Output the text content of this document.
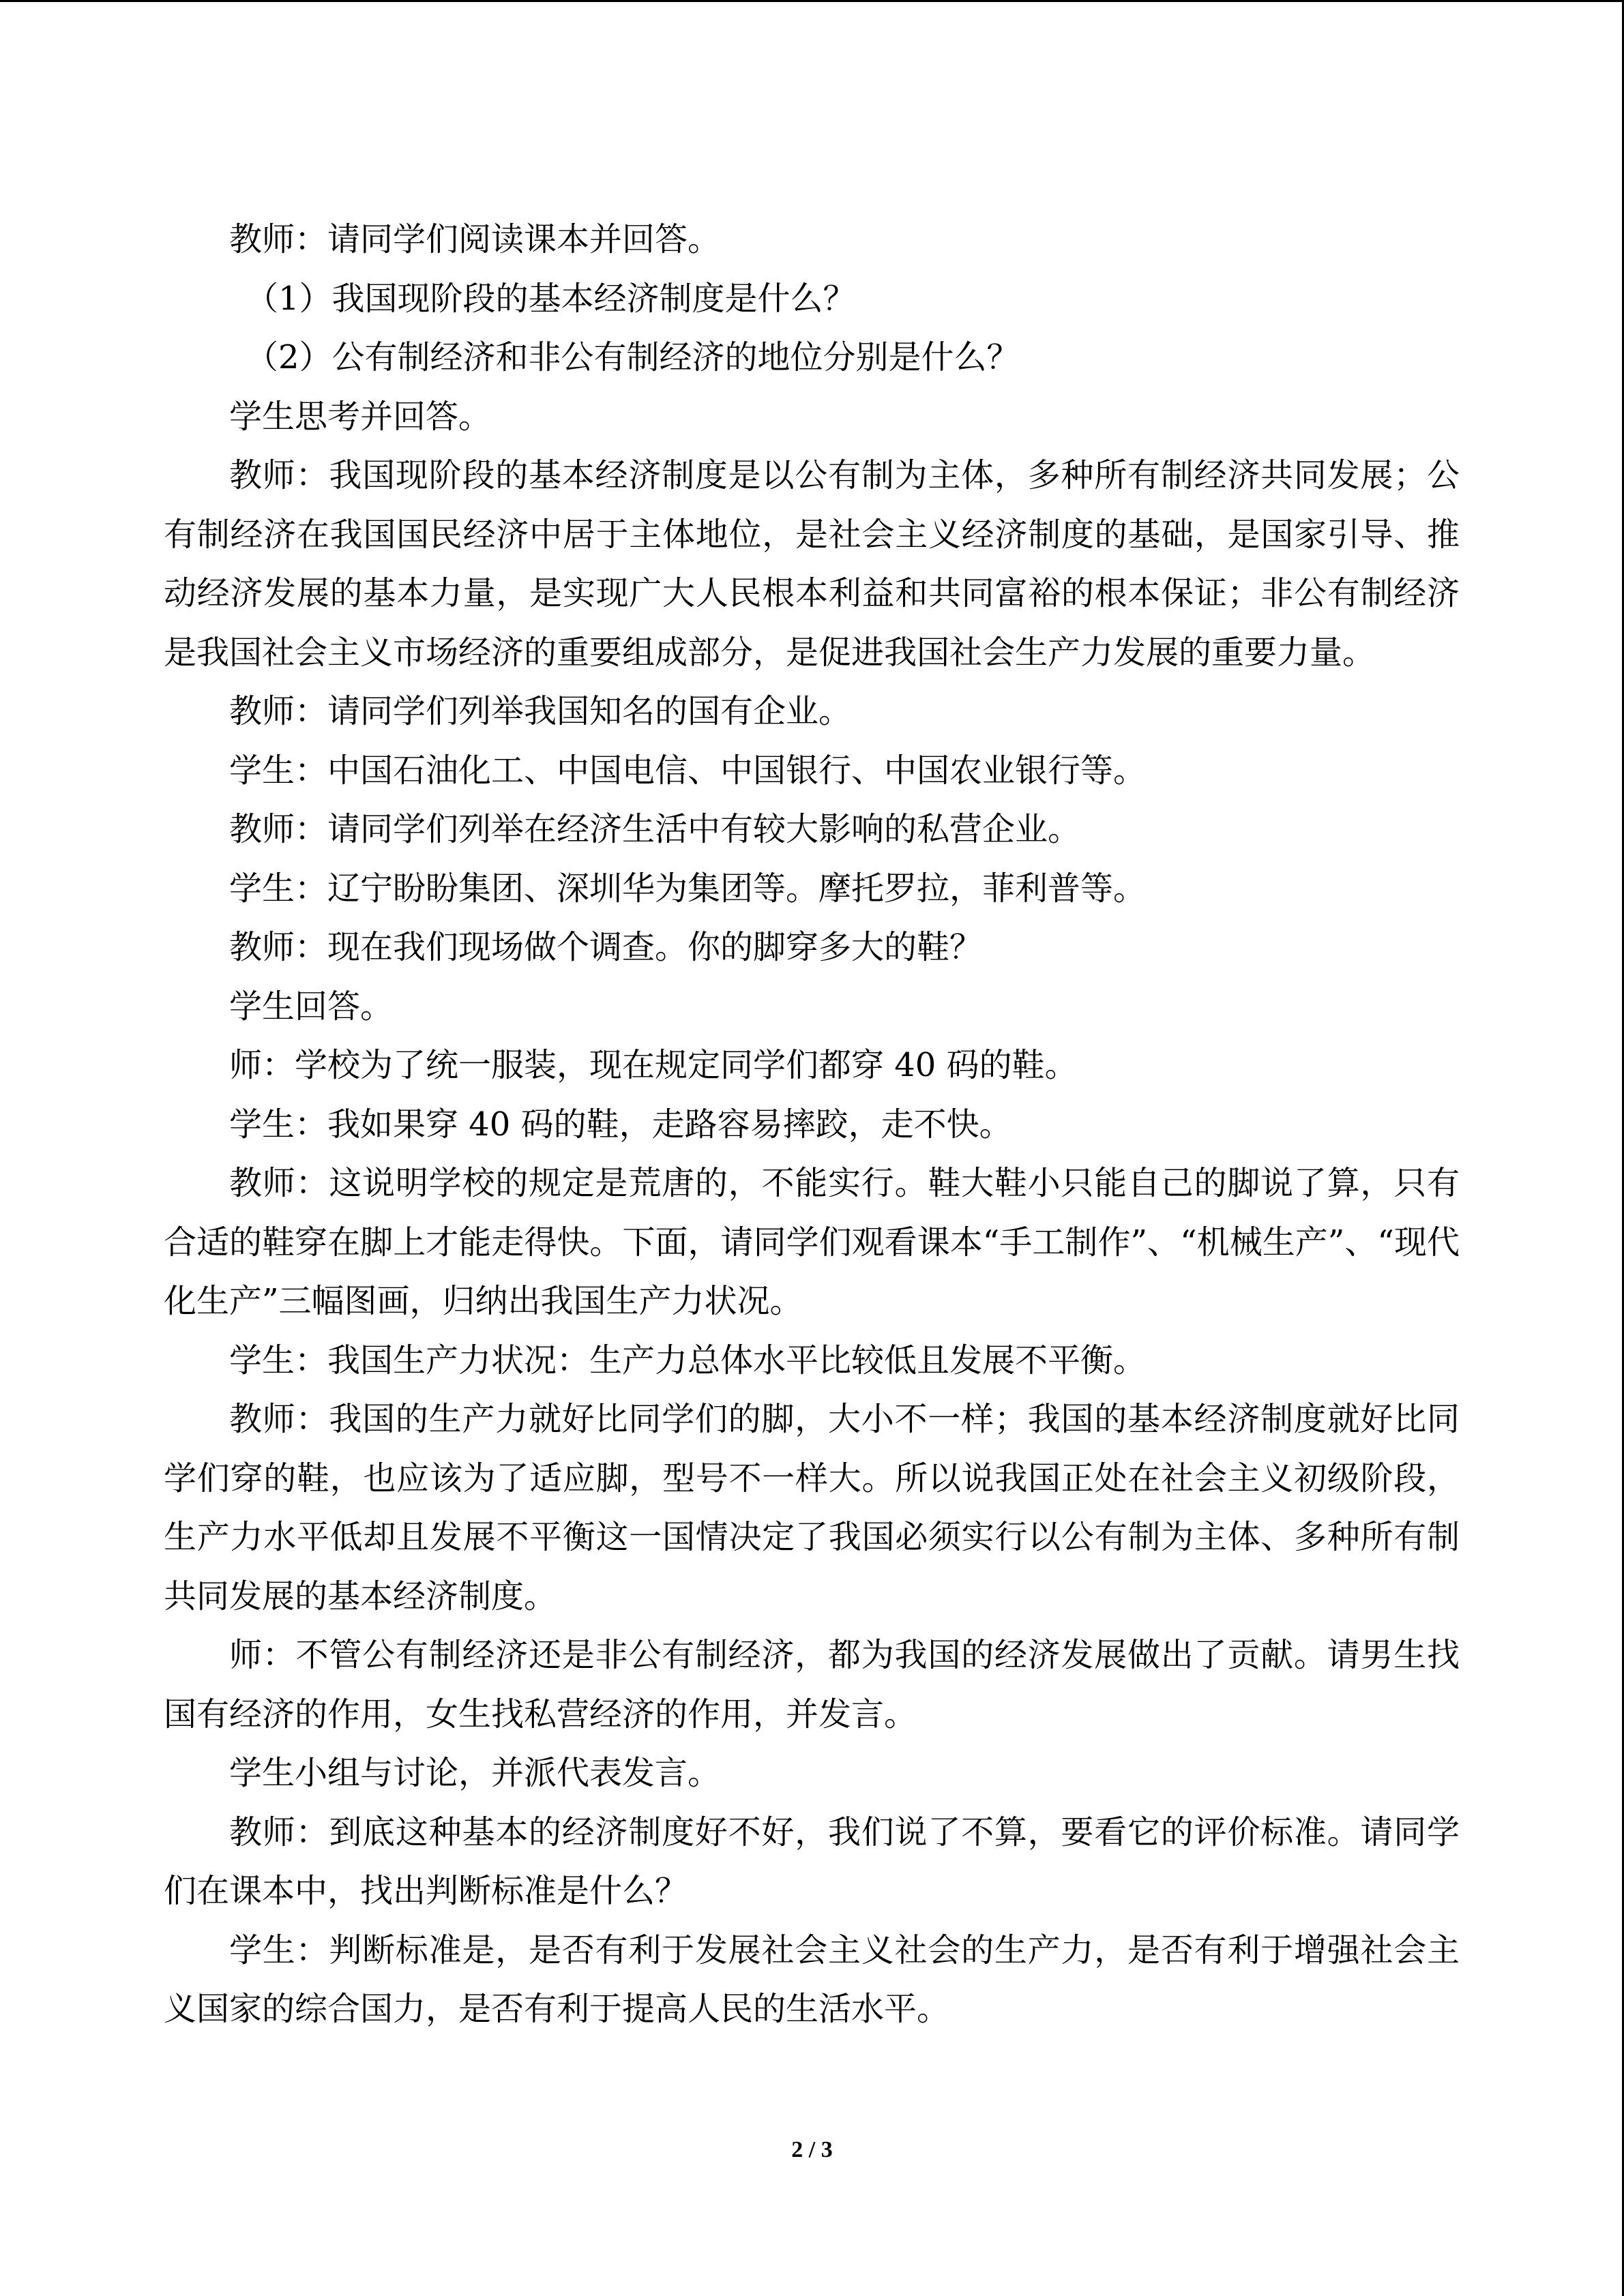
教师：请同学们阅读课本并回答。

（1）我国现阶段的基本经济制度是什么？

（2）公有制经济和非公有制经济的地位分别是什么？

学生思考并回答。

教师：我国现阶段的基本经济制度是以公有制为主体，多种所有制经济共同发展；公有制经济在我国国民经济中居于主体地位，是社会主义经济制度的基础，是国家引导、推动经济发展的基本力量，是实现广大人民根本利益和共同富裕的根本保证；非公有制经济是我国社会主义市场经济的重要组成部分，是促进我国社会生产力发展的重要力量。

教师：请同学们列举我国知名的国有企业。

学生：中国石油化工、中国电信、中国银行、中国农业银行等。

教师：请同学们列举在经济生活中有较大影响的私营企业。

学生：辽宁盼盼集团、深圳华为集团等。摩托罗拉，菲利普等。

教师：现在我们现场做个调查。你的脚穿多大的鞋？

学生回答。

师：学校为了统一服装，现在规定同学们都穿 40 码的鞋。

学生：我如果穿 40 码的鞋，走路容易摔跤，走不快。

教师：这说明学校的规定是荒唐的，不能实行。鞋大鞋小只能自己的脚说了算，只有合适的鞋穿在脚上才能走得快。下面，请同学们观看课本“手工制作”、“机械生产”、“现代化生产”三幅图画，归纳出我国生产力状况。

学生：我国生产力状况：生产力总体水平比较低且发展不平衡。

教师：我国的生产力就好比同学们的脚，大小不一样；我国的基本经济制度就好比同学们穿的鞋，也应该为了适应脚，型号不一样大。所以说我国正处在社会主义初级阶段，生产力水平低却且发展不平衡这一国情决定了我国必须实行以公有制为主体、多种所有制共同发展的基本经济制度。

师：不管公有制经济还是非公有制经济，都为我国的经济发展做出了贡献。请男生找国有经济的作用，女生找私营经济的作用，并发言。

学生小组与讨论，并派代表发言。

教师：到底这种基本的经济制度好不好，我们说了不算，要看它的评价标准。请同学们在课本中，找出判断标准是什么？

学生：判断标准是，是否有利于发展社会主义社会的生产力，是否有利于增强社会主义国家的综合国力，是否有利于提高人民的生活水平。

2 / 3
